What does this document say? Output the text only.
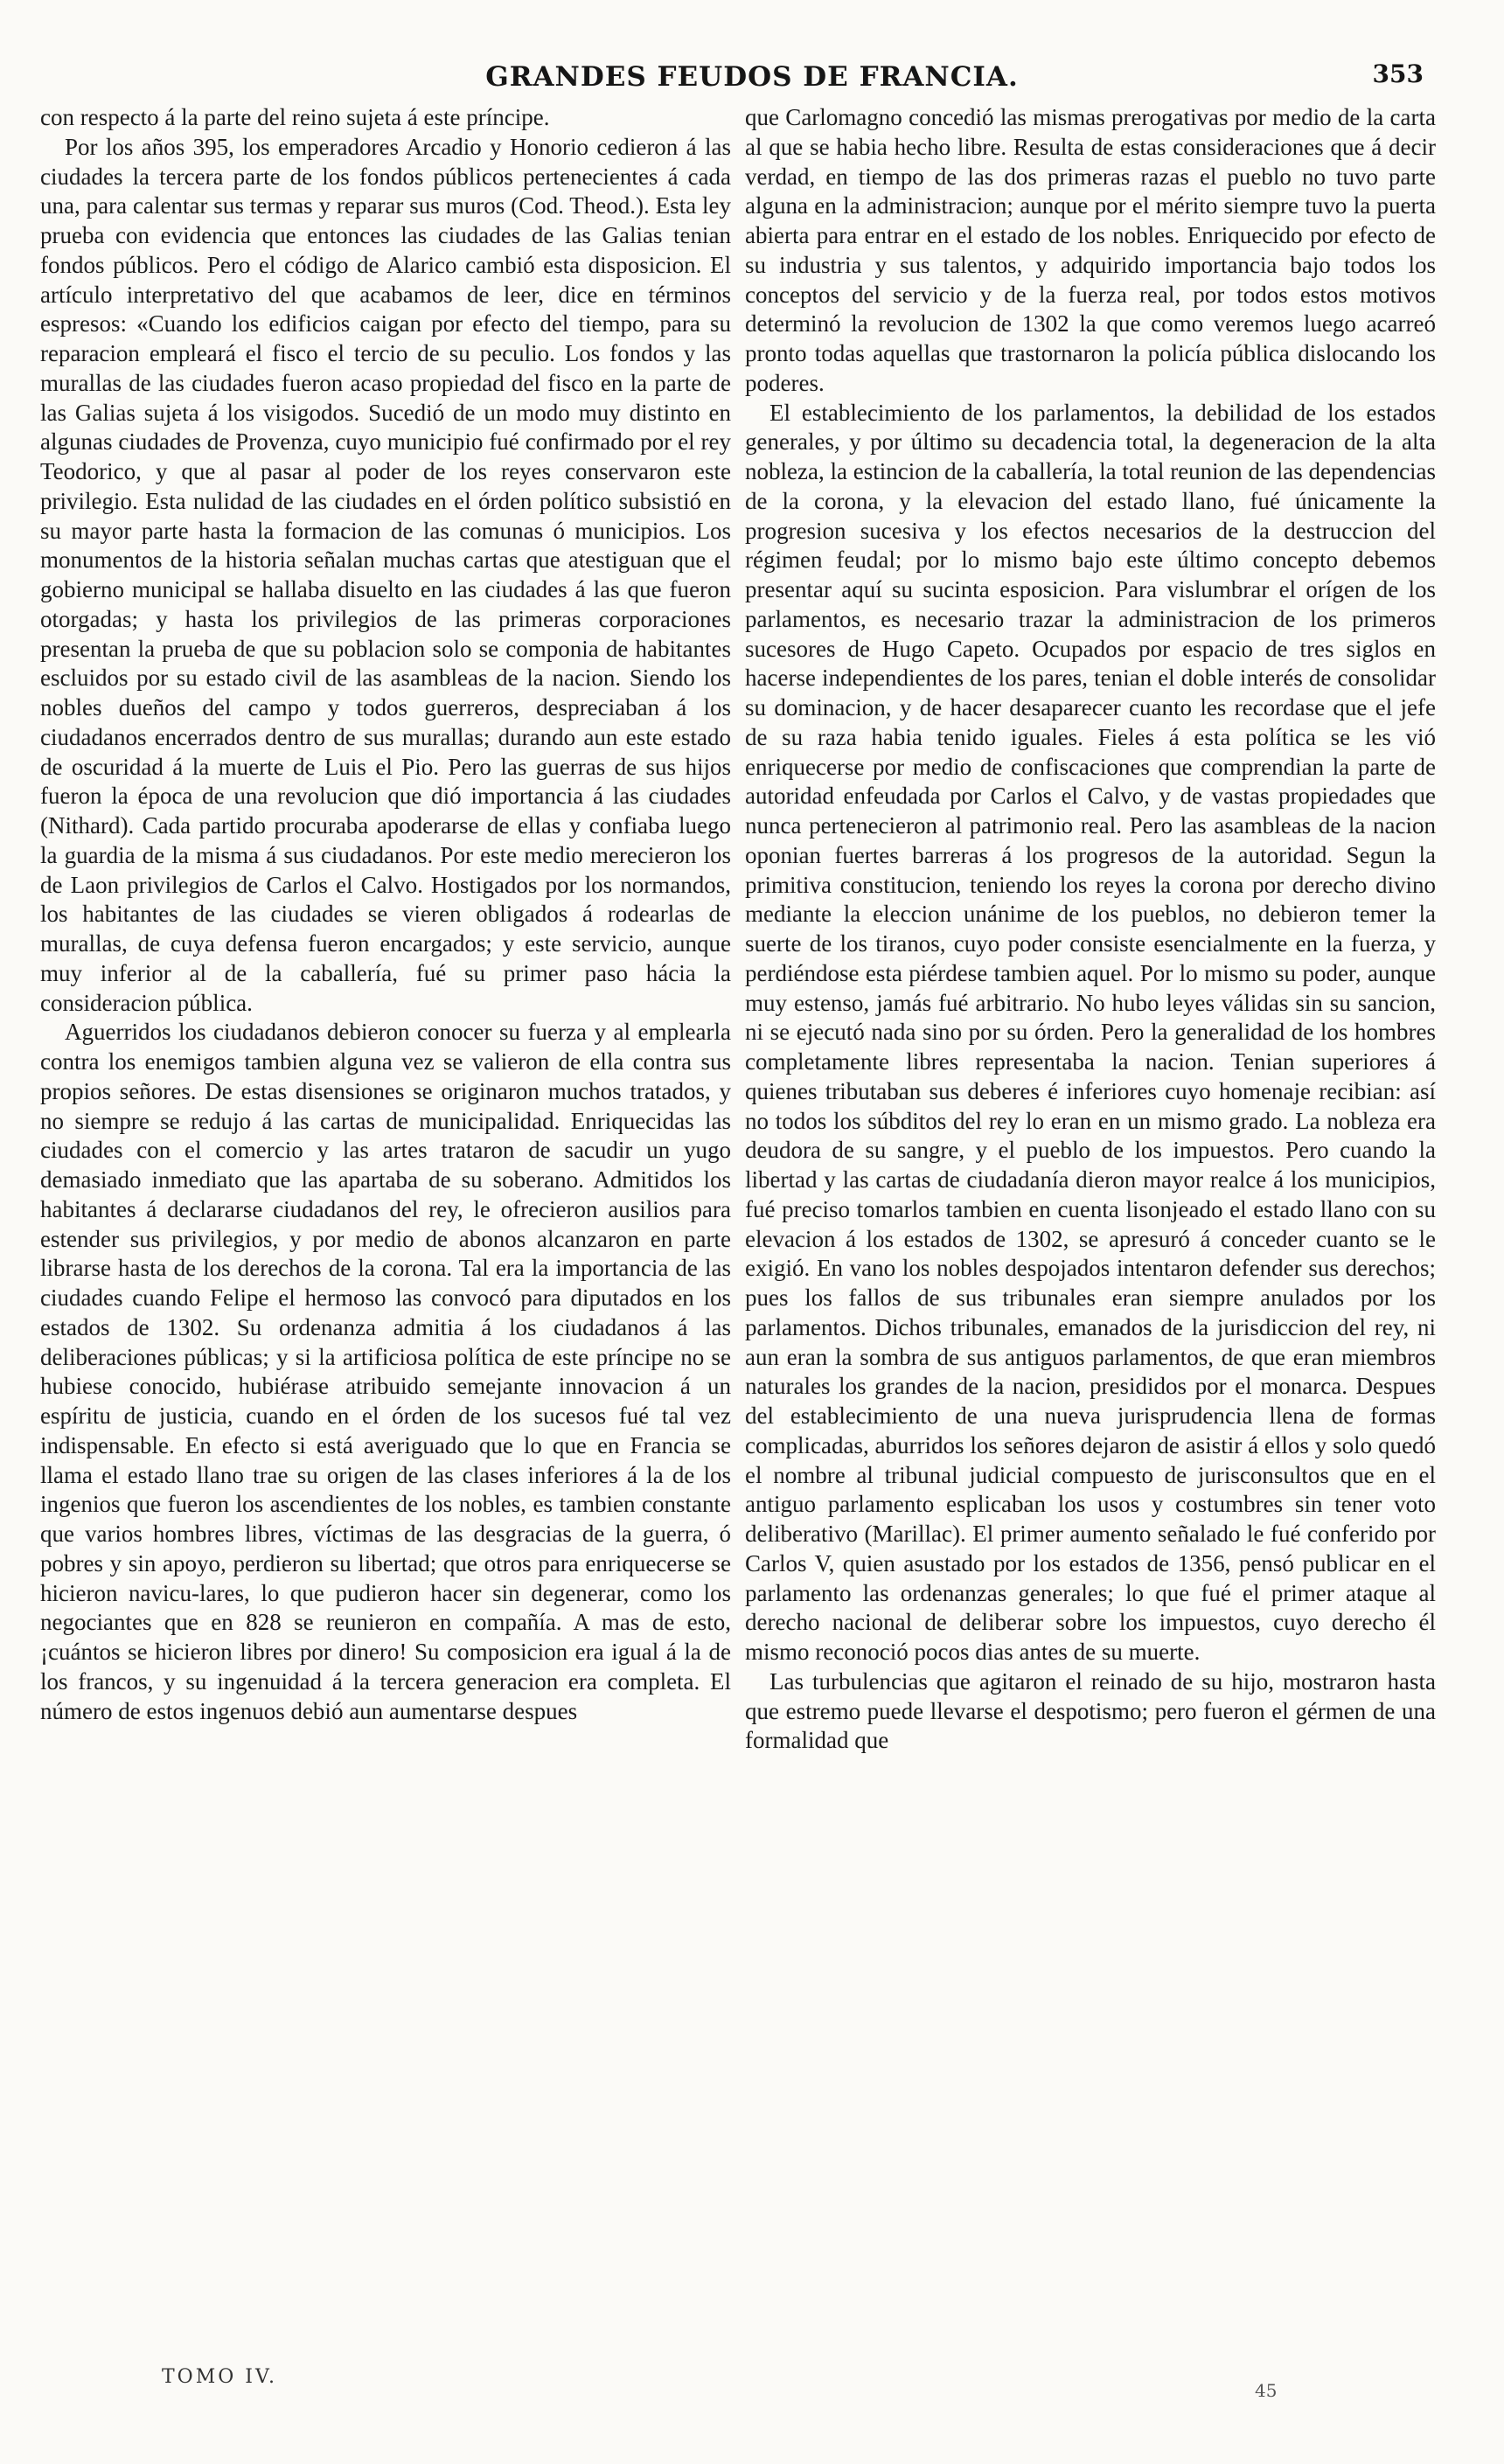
GRANDES FEUDOS DE FRANCIA.	353

con respecto á la parte del reino sujeta á este príncipe.

Por los años 395, los emperadores Arcadio y Honorio cedieron á las ciudades la tercera parte de los fondos públicos pertenecientes á cada una, para calentar sus termas y reparar sus muros (Cod. Theod.). Esta ley prueba con evidencia que entonces las ciudades de las Galias tenian fondos públicos. Pero el código de Alarico cambió esta disposicion. El artículo interpretativo del que acabamos de leer, dice en términos espresos: «Cuando los edificios caigan por efecto del tiempo, para su reparacion empleará el fisco el tercio de su peculio. Los fondos y las murallas de las ciudades fueron acaso propiedad del fisco en la parte de las Galias sujeta á los visigodos. Sucedió de un modo muy distinto en algunas ciudades de Provenza, cuyo municipio fué confirmado por el rey Teodorico, y que al pasar al poder de los reyes conservaron este privilegio. Esta nulidad de las ciudades en el órden político subsistió en su mayor parte hasta la formacion de las comunas ó municipios. Los monumentos de la historia señalan muchas cartas que atestiguan que el gobierno municipal se hallaba disuelto en las ciudades á las que fueron otorgadas; y hasta los privilegios de las primeras corporaciones presentan la prueba de que su poblacion solo se componia de habitantes escluidos por su estado civil de las asambleas de la nacion. Siendo los nobles dueños del campo y todos guerreros, despreciaban á los ciudadanos encerrados dentro de sus murallas; durando aun este estado de oscuridad á la muerte de Luis el Pio. Pero las guerras de sus hijos fueron la época de una revolucion que dió importancia á las ciudades (Nithard). Cada partido procuraba apoderarse de ellas y confiaba luego la guardia de la misma á sus ciudadanos. Por este medio merecieron los de Laon privilegios de Carlos el Calvo. Hostigados por los normandos, los habitantes de las ciudades se vieren obligados á rodearlas de murallas, de cuya defensa fueron encargados; y este servicio, aunque muy inferior al de la caballería, fué su primer paso hácia la consideracion pública.

Aguerridos los ciudadanos debieron conocer su fuerza y al emplearla contra los enemigos tambien alguna vez se valieron de ella contra sus propios señores. De estas disensiones se originaron muchos tratados, y no siempre se redujo á las cartas de municipalidad. Enriquecidas las ciudades con el comercio y las artes trataron de sacudir un yugo demasiado inmediato que las apartaba de su soberano. Admitidos los habitantes á declararse ciudadanos del rey, le ofrecieron ausilios para estender sus privilegios, y por medio de abonos alcanzaron en parte librarse hasta de los derechos de la corona. Tal era la importancia de las ciudades cuando Felipe el hermoso las convocó para diputados en los estados de 1302. Su ordenanza admitia á los ciudadanos á las deliberaciones públicas; y si la artificiosa política de este príncipe no se hubiese conocido, hubiérase atribuido semejante innovacion á un espíritu de justicia, cuando en el órden de los sucesos fué tal vez indispensable. En efecto si está averiguado que lo que en Francia se llama el estado llano trae su origen de las clases inferiores á la de los ingenios que fueron los ascendientes de los nobles, es tambien constante que varios hombres libres, víctimas de las desgracias de la guerra, ó pobres y sin apoyo, perdieron su libertad; que otros para enriquecerse se hicieron navicu-lares, lo que pudieron hacer sin degenerar, como los negociantes que en 828 se reunieron en compañía. A mas de esto, ¡cuántos se hicieron libres por dinero! Su composicion era igual á la de los francos, y su ingenuidad á la tercera generacion era completa. El número de estos ingenuos debió aun aumentarse despues

que Carlomagno concedió las mismas prerogativas por medio de la carta al que se habia hecho libre. Resulta de estas consideraciones que á decir verdad, en tiempo de las dos primeras razas el pueblo no tuvo parte alguna en la administracion; aunque por el mérito siempre tuvo la puerta abierta para entrar en el estado de los nobles. Enriquecido por efecto de su industria y sus talentos, y adquirido importancia bajo todos los conceptos del servicio y de la fuerza real, por todos estos motivos determinó la revolucion de 1302 la que como veremos luego acarreó pronto todas aquellas que trastornaron la policía pública dislocando los poderes.

El establecimiento de los parlamentos, la debilidad de los estados generales, y por último su decadencia total, la degeneracion de la alta nobleza, la estincion de la caballería, la total reunion de las dependencias de la corona, y la elevacion del estado llano, fué únicamente la progresion sucesiva y los efectos necesarios de la destruccion del régimen feudal; por lo mismo bajo este último concepto debemos presentar aquí su sucinta esposicion. Para vislumbrar el orígen de los parlamentos, es necesario trazar la administracion de los primeros sucesores de Hugo Capeto. Ocupados por espacio de tres siglos en hacerse independientes de los pares, tenian el doble interés de consolidar su dominacion, y de hacer desaparecer cuanto les recordase que el jefe de su raza habia tenido iguales. Fieles á esta política se les vió enriquecerse por medio de confiscaciones que comprendian la parte de autoridad enfeudada por Carlos el Calvo, y de vastas propiedades que nunca pertenecieron al patrimonio real. Pero las asambleas de la nacion oponian fuertes barreras á los progresos de la autoridad. Segun la primitiva constitucion, teniendo los reyes la corona por derecho divino mediante la eleccion unánime de los pueblos, no debieron temer la suerte de los tiranos, cuyo poder consiste esencialmente en la fuerza, y perdiéndose esta piérdese tambien aquel. Por lo mismo su poder, aunque muy estenso, jamás fué arbitrario. No hubo leyes válidas sin su sancion, ni se ejecutó nada sino por su órden. Pero la generalidad de los hombres completamente libres representaba la nacion. Tenian superiores á quienes tributaban sus deberes é inferiores cuyo homenaje recibian: así no todos los súbditos del rey lo eran en un mismo grado. La nobleza era deudora de su sangre, y el pueblo de los impuestos. Pero cuando la libertad y las cartas de ciudadanía dieron mayor realce á los municipios, fué preciso tomarlos tambien en cuenta lisonjeado el estado llano con su elevacion á los estados de 1302, se apresuró á conceder cuanto se le exigió. En vano los nobles despojados intentaron defender sus derechos; pues los fallos de sus tribunales eran siempre anulados por los parlamentos. Dichos tribunales, emanados de la jurisdiccion del rey, ni aun eran la sombra de sus antiguos parlamentos, de que eran miembros naturales los grandes de la nacion, presididos por el monarca. Despues del establecimiento de una nueva jurisprudencia llena de formas complicadas, aburridos los señores dejaron de asistir á ellos y solo quedó el nombre al tribunal judicial compuesto de jurisconsultos que en el antiguo parlamento esplicaban los usos y costumbres sin tener voto deliberativo (Marillac). El primer aumento señalado le fué conferido por Carlos V, quien asustado por los estados de 1356, pensó publicar en el parlamento las ordenanzas generales; lo que fué el primer ataque al derecho nacional de deliberar sobre los impuestos, cuyo derecho él mismo reconoció pocos dias antes de su muerte.

Las turbulencias que agitaron el reinado de su hijo, mostraron hasta que estremo puede llevarse el despotismo; pero fueron el gérmen de una formalidad que

TOMO IV.
45
